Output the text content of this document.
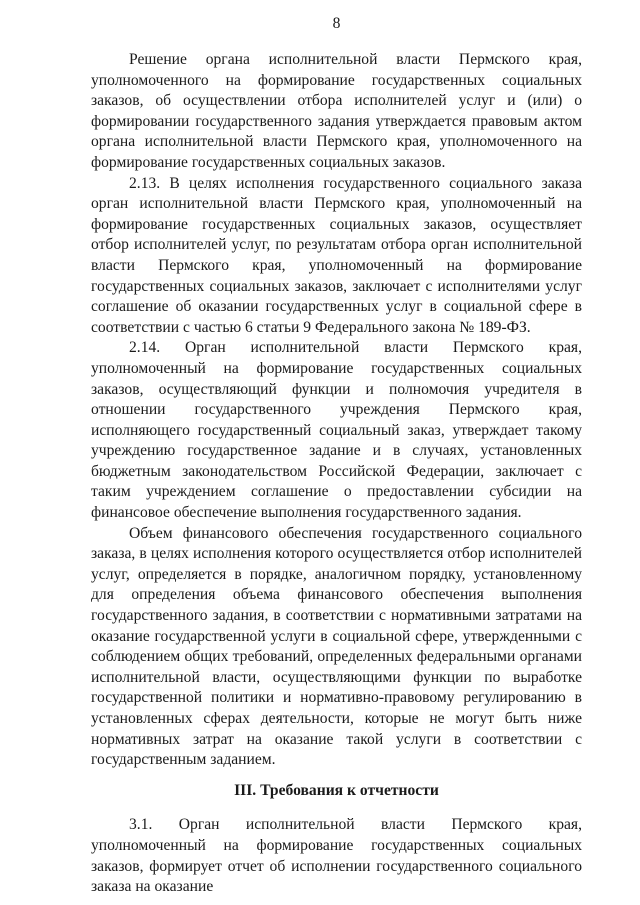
8

Решение органа исполнительной власти Пермского края, уполномоченного на формирование государственных социальных заказов, об осуществлении отбора исполнителей услуг и (или) о формировании государственного задания утверждается правовым актом органа исполнительной власти Пермского края, уполномоченного на формирование государственных социальных заказов.

2.13. В целях исполнения государственного социального заказа орган исполнительной власти Пермского края, уполномоченный на формирование государственных социальных заказов, осуществляет отбор исполнителей услуг, по результатам отбора орган исполнительной власти Пермского края, уполномоченный на формирование государственных социальных заказов, заключает с исполнителями услуг соглашение об оказании государственных услуг в социальной сфере в соответствии с частью 6 статьи 9 Федерального закона № 189-ФЗ.

2.14. Орган исполнительной власти Пермского края, уполномоченный на формирование государственных социальных заказов, осуществляющий функции и полномочия учредителя в отношении государственного учреждения Пермского края, исполняющего государственный социальный заказ, утверждает такому учреждению государственное задание и в случаях, установленных бюджетным законодательством Российской Федерации, заключает с таким учреждением соглашение о предоставлении субсидии на финансовое обеспечение выполнения государственного задания.

Объем финансового обеспечения государственного социального заказа, в целях исполнения которого осуществляется отбор исполнителей услуг, определяется в порядке, аналогичном порядку, установленному для определения объема финансового обеспечения выполнения государственного задания, в соответствии с нормативными затратами на оказание государственной услуги в социальной сфере, утвержденными с соблюдением общих требований, определенных федеральными органами исполнительной власти, осуществляющими функции по выработке государственной политики и нормативно-правовому регулированию в установленных сферах деятельности, которые не могут быть ниже нормативных затрат на оказание такой услуги в соответствии с государственным заданием.

III. Требования к отчетности

3.1. Орган исполнительной власти Пермского края, уполномоченный на формирование государственных социальных заказов, формирует отчет об исполнении государственного социального заказа на оказание
